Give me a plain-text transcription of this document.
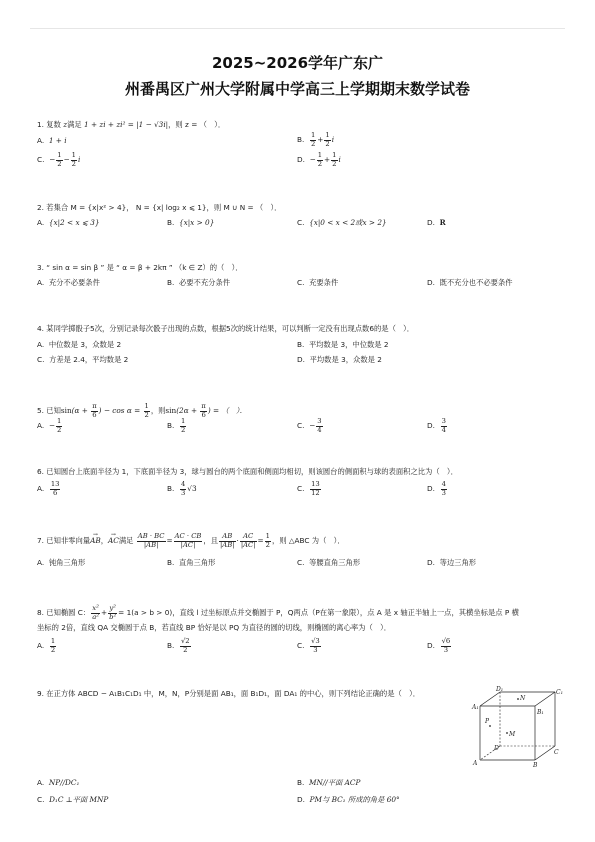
2025~2026学年广东广
州番禺区广州大学附属中学高三上学期期末数学试卷
1. 复数 z满足 1 + zi + zi² = |1 − √3i|，则 z = （　）．
A. 1 + i	B. $\frac{1}{2} + \frac{1}{2}$ i
C. − $\frac{1}{2} - \frac{1}{2}$ i	D. − $\frac{1}{2} + \frac{1}{2}$ i
2. 若集合 M = {x|x² > 4}， N = {x| log₂ x ⩽ 1}，则 M ∪ N = （　）．
A. {x|2 < x ⩽ 3}	B. {x|x > 0}	C. {x|0 < x < 2或x > 2}	D. R
3. “ sin α = sin β ” 是 “ α = β + 2kπ ” （k ∈ Z）的（　）．
A. 充分不必要条件	B. 必要不充分条件	C. 充要条件	D. 既不充分也不必要条件
4. 某同学掷骰子5次，分别记录每次骰子出现的点数，根据5次的统计结果，可以判断一定没有出现点数6的是（　）．
A. 中位数是 3，众数是 2	B. 平均数是 3，中位数是 2
C. 方差是 2.4，平均数是 2	D. 平均数是 3，众数是 2
5. 已知$\sin(\alpha + \frac{\pi}{6}$ ) − $\cos \alpha = \frac{1}{2}$ ，则$\sin(2\alpha + \frac{\pi}{6}$ ) = （　）．
A. − $\frac{1}{2}$	B. $\frac{1}{2}$	C. − $\frac{3}{4}$	D. $\frac{3}{4}$
6. 已知圆台上底面半径为 1，下底面半径为 3，球与圆台的两个底面和侧面均相切，则该圆台的侧面积与球的表面积之比为（　）．
A. $\frac{13}{6}$	B. $\frac{4}{3} √3$	C. $\frac{13}{12}$	D. $\frac{4}{3}$
7. 已知非零向量→ AB，→ AC满足 $\frac{AB \cdot BC}{|AB|} = \frac{AC \cdot CB}{|AC|}$ ，且 $\frac{AB}{|AB|} \cdot \frac{AC}{|AC|} = \frac{1}{2}$ ，则 △ABC 为（　）．
A. 钝角三角形	B. 直角三角形	C. 等腰直角三角形	D. 等边三角形
8. 已知椭圆 C： $\frac{\text{x²}}{\text{a²}} + \frac{\text{y²}}{\text{b²}} = 1(a > b > 0)$，直线 l 过坐标原点并交椭圆于 P，Q两点（P在第一象限），点 A 是 x 轴正半轴上一点，其横坐标是点 P 横
坐标的 2倍，直线 QA 交椭圆于点 B，若直线 BP 恰好是以 PQ 为直径的圆的切线，则椭圆的离心率为（　）．
A. $\frac{1}{2}$	B. $\frac{√2}{2}$	C. $\frac{√3}{3}$	D. $\frac{√6}{3}$
9. 在正方体 ABCD − A₁B₁C₁D₁ 中，M，N，P分别是面 AB₁，面 B₁D₁，面 DA₁ 的中心，则下列结论正确的是（　）．
A₁
B₁
D₁	C₁
A	B
C
D
N
M
P
A. NP//DC₁	B. MN//平面 ACP
C. D₁C ⊥平面 MNP	D. PM与 BC₁ 所成的角是 60°
